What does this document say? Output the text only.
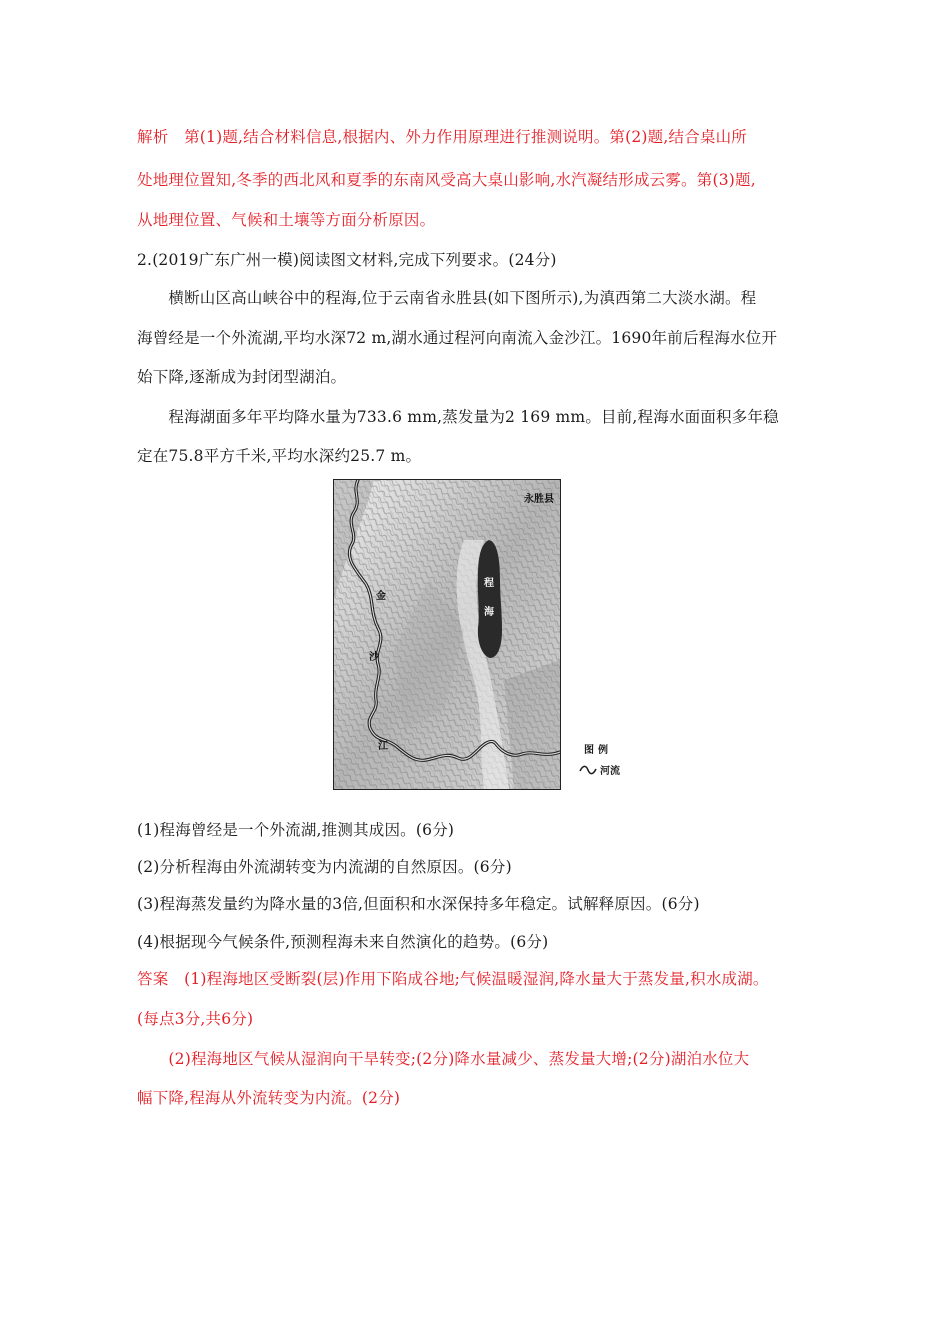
解析　第(1)题,结合材料信息,根据内、外力作用原理进行推测说明。第(2)题,结合桌山所
处地理位置知,冬季的西北风和夏季的东南风受高大桌山影响,水汽凝结形成云雾。第(3)题,
从地理位置、气候和土壤等方面分析原因。
2.(2019广东广州一模)阅读图文材料,完成下列要求。(24分)
　　横断山区高山峡谷中的程海,位于云南省永胜县(如下图所示),为滇西第二大淡水湖。程
海曾经是一个外流湖,平均水深72 m,湖水通过程河向南流入金沙江。1690年前后程海水位开
始下降,逐渐成为封闭型湖泊。
　　程海湖面多年平均降水量为733.6 mm,蒸发量为2 169 mm。目前,程海水面面积多年稳
定在75.8平方千米,平均水深约25.7 m。
永胜县
程
海
金
沙
江	图例
河流
(1)程海曾经是一个外流湖,推测其成因。(6分)
(2)分析程海由外流湖转变为内流湖的自然原因。(6分)
(3)程海蒸发量约为降水量的3倍,但面积和水深保持多年稳定。试解释原因。(6分)
(4)根据现今气候条件,预测程海未来自然演化的趋势。(6分)
答案　(1)程海地区受断裂(层)作用下陷成谷地;气候温暖湿润,降水量大于蒸发量,积水成湖。
(每点3分,共6分)
　　(2)程海地区气候从湿润向干旱转变;(2分)降水量减少、蒸发量大增;(2分)湖泊水位大
幅下降,程海从外流转变为内流。(2分)
